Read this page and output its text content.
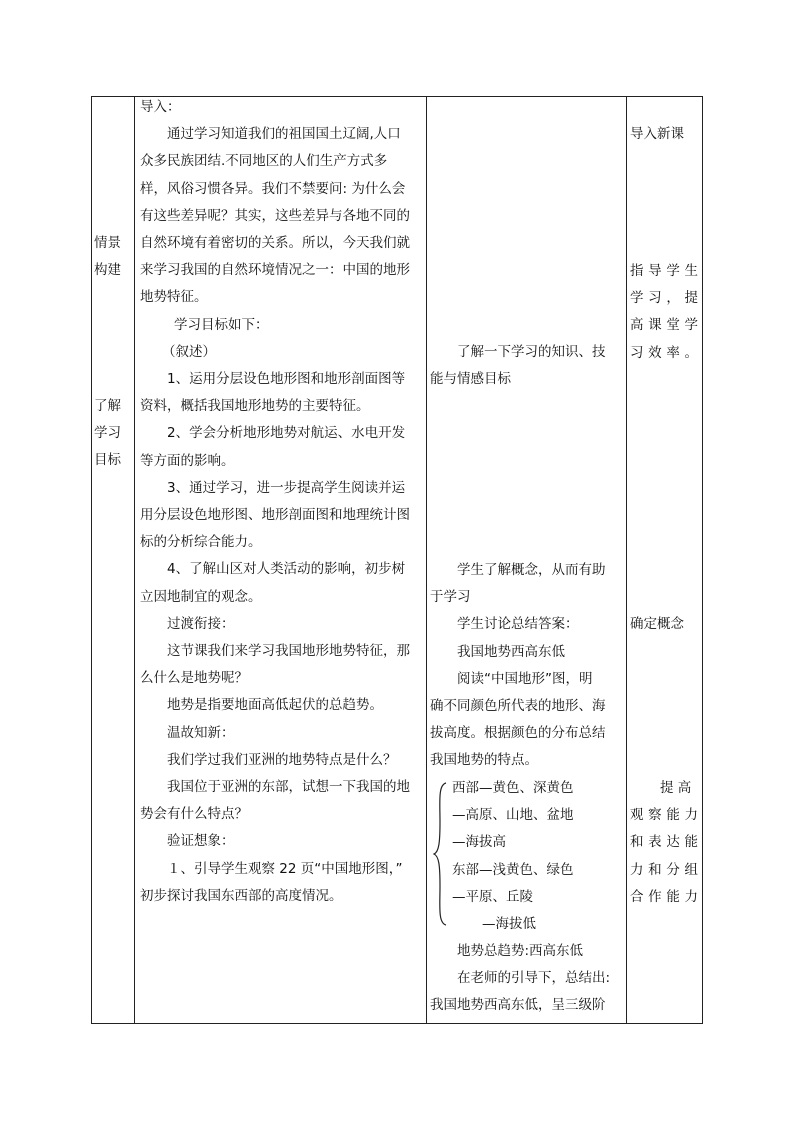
情景

构建

了解

学习

目标

导入：

通过学习知道我们的祖国国土辽阔,人口

众多民族团结.不同地区的人们生产方式多

样，风俗习惯各异。我们不禁要问: 为什么会

有这些差异呢？其实，这些差异与各地不同的

自然环境有着密切的关系。所以，今天我们就

来学习我国的自然环境情况之一：中国的地形

地势特征。

学习目标如下：

（叙述）

1、运用分层设色地形图和地形剖面图等

资料，概括我国地形地势的主要特征。

2、学会分析地形地势对航运、水电开发

等方面的影响。

3、通过学习，进一步提高学生阅读并运

用分层设色地形图、地形剖面图和地理统计图

标的分析综合能力。

4、了解山区对人类活动的影响，初步树

立因地制宜的观念。

过渡衔接：

这节课我们来学习我国地形地势特征，那

么什么是地势呢？

地势是指要地面高低起伏的总趋势。

温故知新：

我们学过我们亚洲的地势特点是什么？

我国位于亚洲的东部，试想一下我国的地

势会有什么特点？

验证想象：

１、引导学生观察 22 页“中国地形图，”

初步探讨我国东西部的高度情况。

了解一下学习的知识、技

能与情感目标

学生了解概念，从而有助

于学习

学生讨论总结答案：

我国地势西高东低

阅读“中国地形”图，明

确不同颜色所代表的地形、海

拔高度。根据颜色的分布总结

我国地势的特点。

西部—黄色、深黄色

—高原、山地、盆地

—海拔高

东部—浅黄色、绿色

—平原、丘陵

—海拔低

地势总趋势:西高东低

在老师的引导下，总结出:

我国地势西高东低，呈三级阶

导入新课

指导学生

学习，提

高课堂学

习效率。

确定概念

提 高

观察能力

和表达能

力和分组

合作能力
